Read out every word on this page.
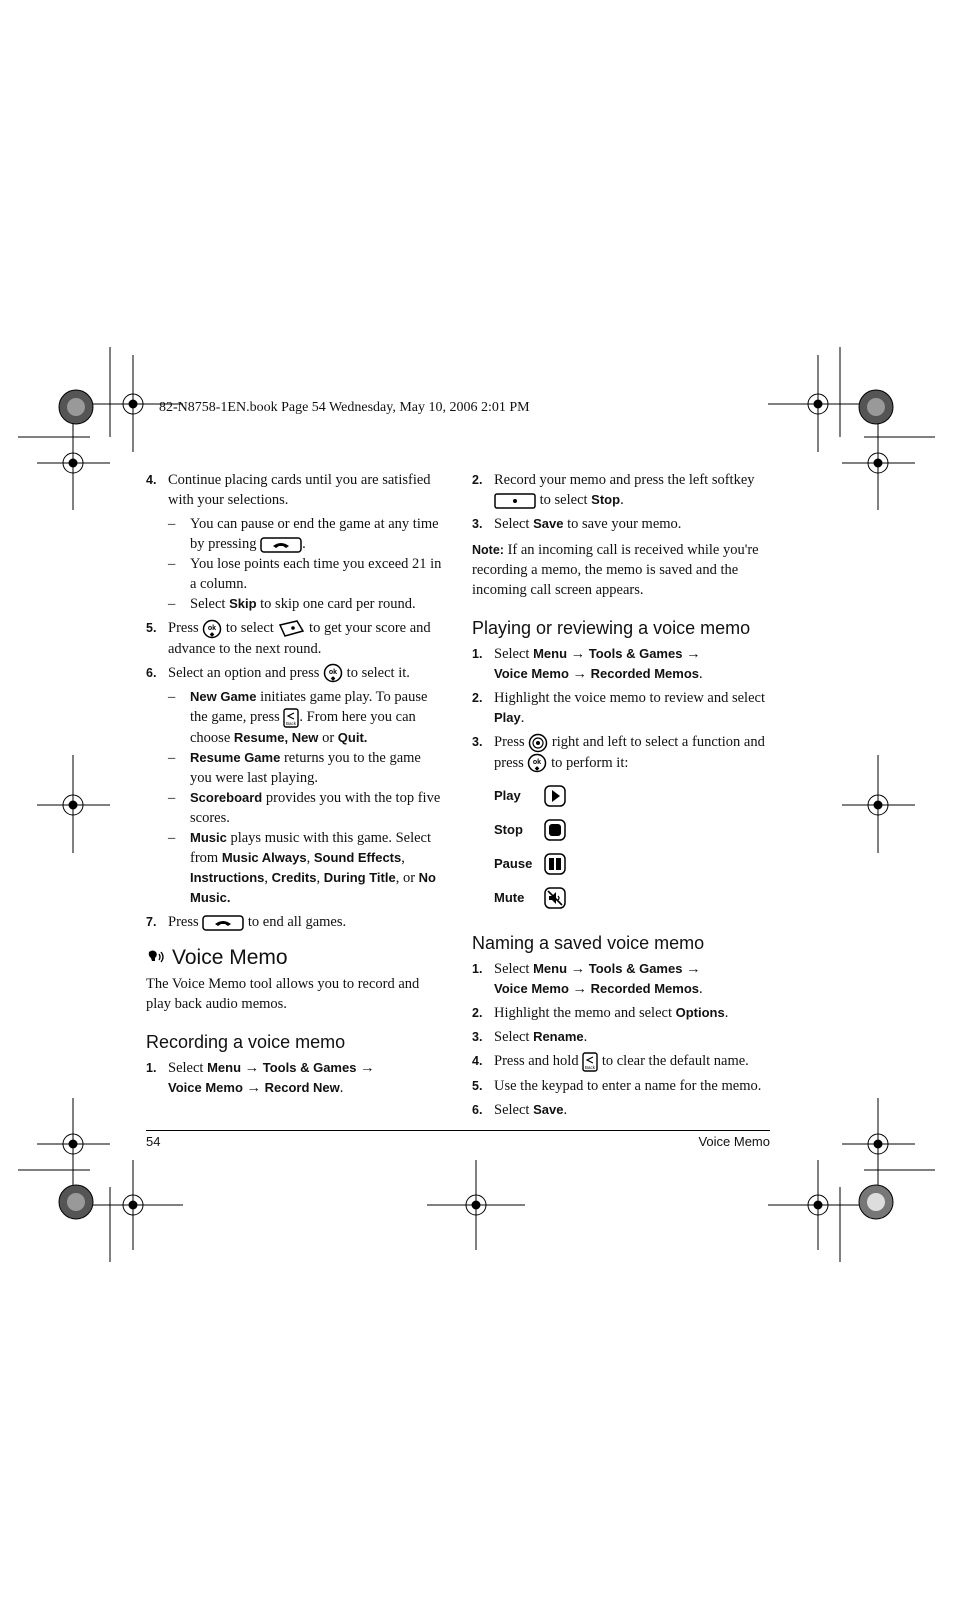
82-N8758-1EN.book Page 54 Wednesday, May 10, 2006 2:01 PM
4. Continue placing cards until you are satisfied with your selections.
– You can pause or end the game at any time by pressing	.
– You lose points each time you exceed 21 in a column.
– Select Skip to skip one card per round.
5. Press ok
◆ to select to get your score and advance to the next round.
6. Select an option and press ok
◆ to select it.
– New Game initiates game play. To pause the game, press Back . From here you can choose Resume, New or Quit.
– Resume Game returns you to the game you were last playing.
– Scoreboard provides you with the top five scores.
– Music plays music with this game. Select from Music Always, Sound Effects, Instructions, Credits, During Title, or No Music.
7. Press	to end all games.
Voice Memo
The Voice Memo tool allows you to record and play back audio memos.
Recording a voice memo
1. Select Menu → Tools & Games →
Voice Memo → Record New.
2. Record your memo and press the left softkey
to select Stop.
3. Select Save to save your memo.
Note: If an incoming call is received while you're recording a memo, the memo is saved and the incoming call screen appears.
Playing or reviewing a voice memo
1. Select Menu → Tools & Games →
Voice Memo → Recorded Memos.
2. Highlight the voice memo to review and select Play.
3. Press right and left to select a function and press ok
◆ to perform it:
Play
Stop
Pause
Mute
Naming a saved voice memo
1. Select Menu → Tools & Games →
Voice Memo → Recorded Memos.
2. Highlight the memo and select Options.
3. Select Rename.
4. Press and hold Back to clear the default name.
5. Use the keypad to enter a name for the memo.
6. Select Save.
54	Voice Memo
